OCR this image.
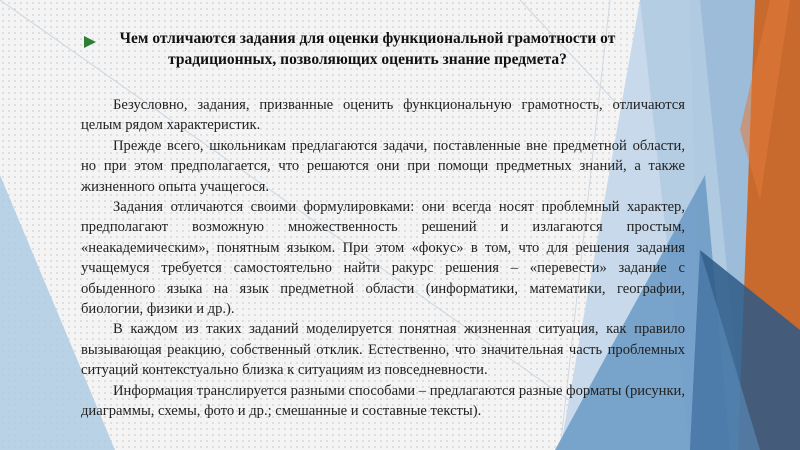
Чем отличаются задания для оценки функциональной грамотности от традиционных, позволяющих оценить знание предмета?

Безусловно, задания, призванные оценить функциональную грамотность, отличаются целым рядом характеристик.

Прежде всего, школьникам предлагаются задачи, поставленные вне предметной области, но при этом предполагается, что решаются они при помощи предметных знаний, а также жизненного опыта учащегося.

Задания отличаются своими формулировками: они всегда носят проблемный характер, предполагают возможную множественность решений и излагаются простым, «неакадемическим», понятным языком. При этом «фокус» в том, что для решения задания учащемуся требуется самостоятельно найти ракурс решения – «перевести» задание с обыденного языка на язык предметной области (информатики, математики, географии, биологии, физики и др.).

В каждом из таких заданий моделируется понятная жизненная ситуация, как правило вызывающая реакцию, собственный отклик. Естественно, что значительная часть проблемных ситуаций контекстуально близка к ситуациям из повседневности.

Информация транслируется разными способами – предлагаются разные форматы (рисунки, диаграммы, схемы, фото и др.; смешанные и составные тексты).
